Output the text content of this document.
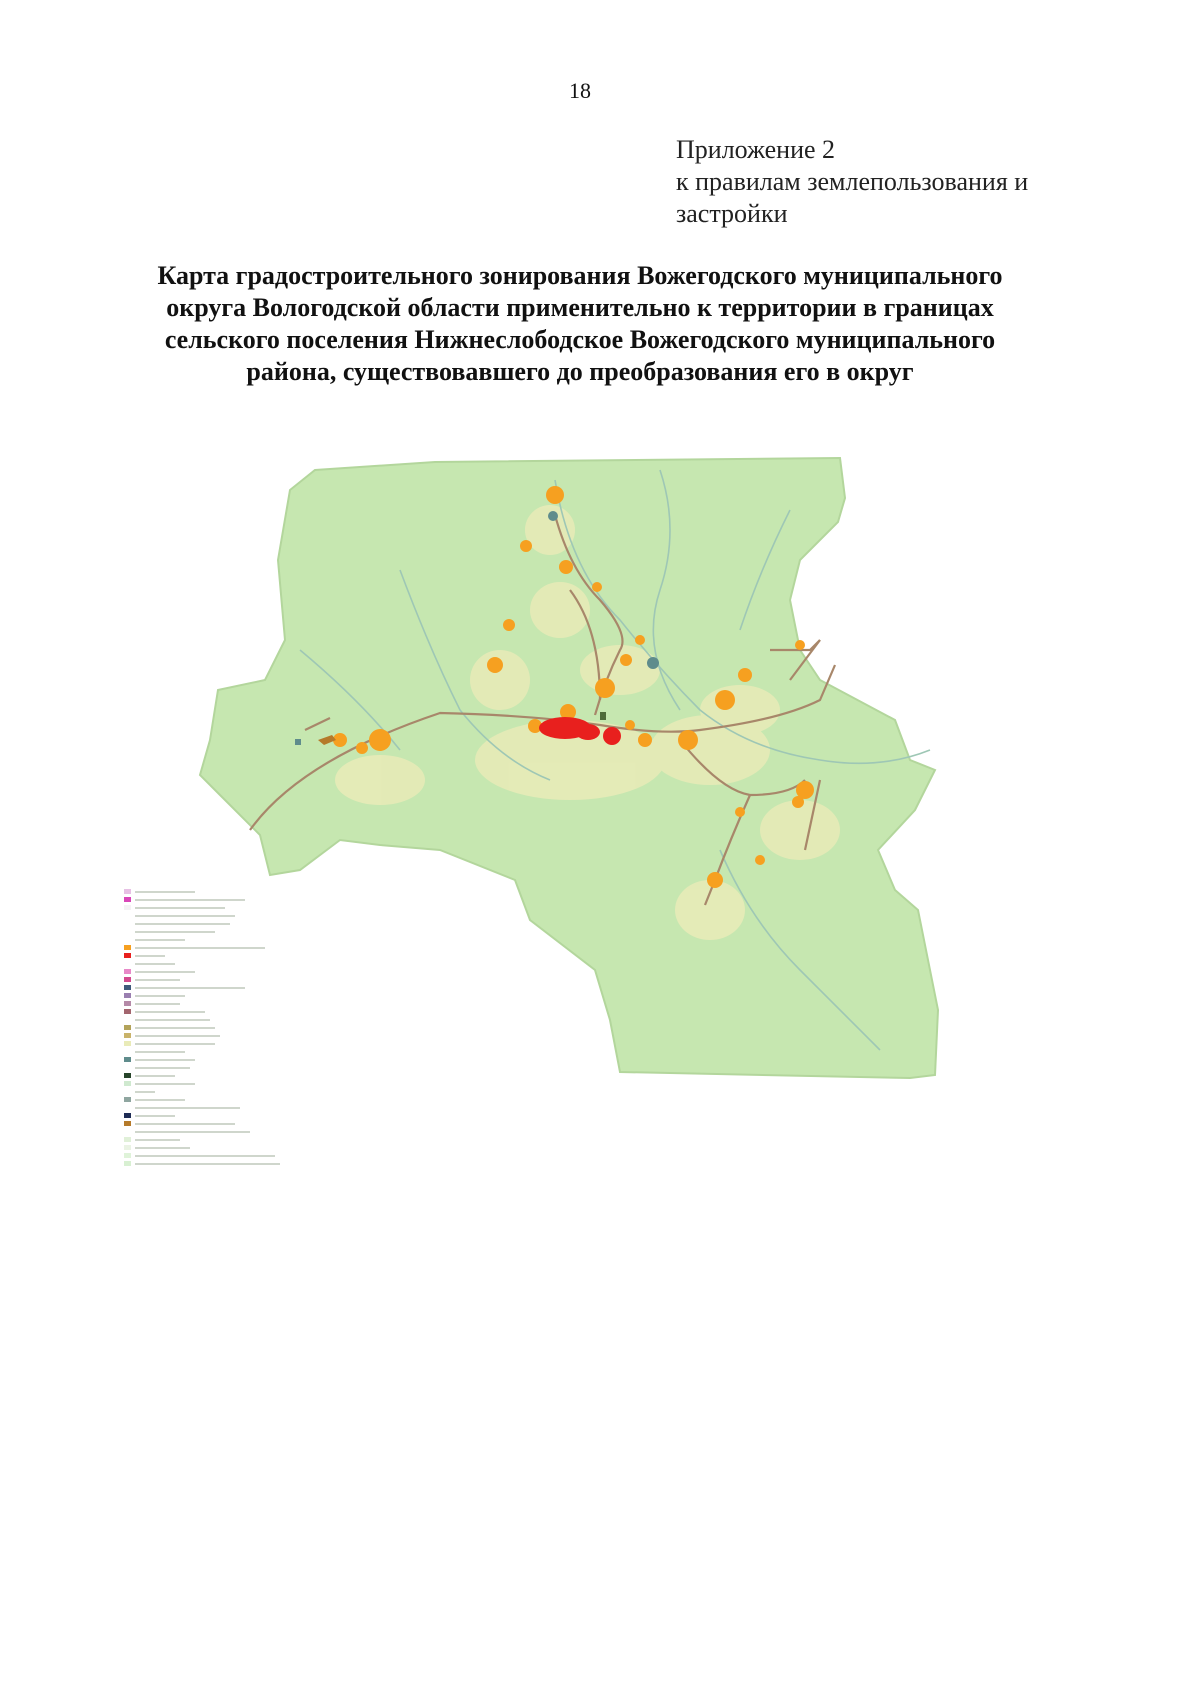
18
Приложение 2
к правилам землепользования и
застройки
Карта градостроительного зонирования Вожегодского муниципального
округа Вологодской области применительно к территории в границах
сельского поселения Нижнеслободское Вожегодского муниципального
района, существовавшего до преобразования его в округ
